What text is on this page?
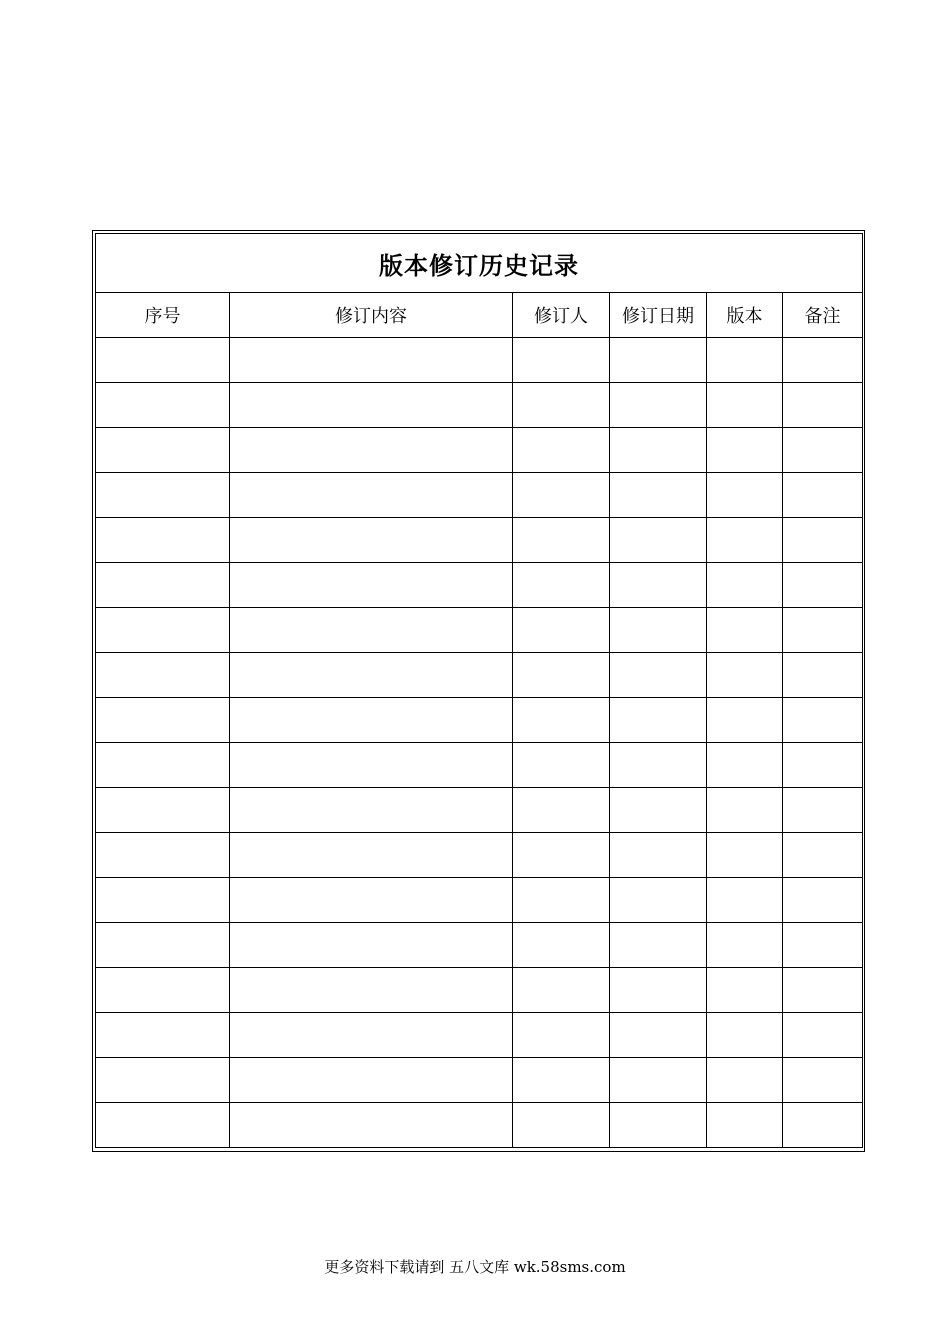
版本修订历史记录					
序号	修订内容	修订人	修订日期	版本	备注

更多资料下载请到 五八文库 wk.58sms.com
